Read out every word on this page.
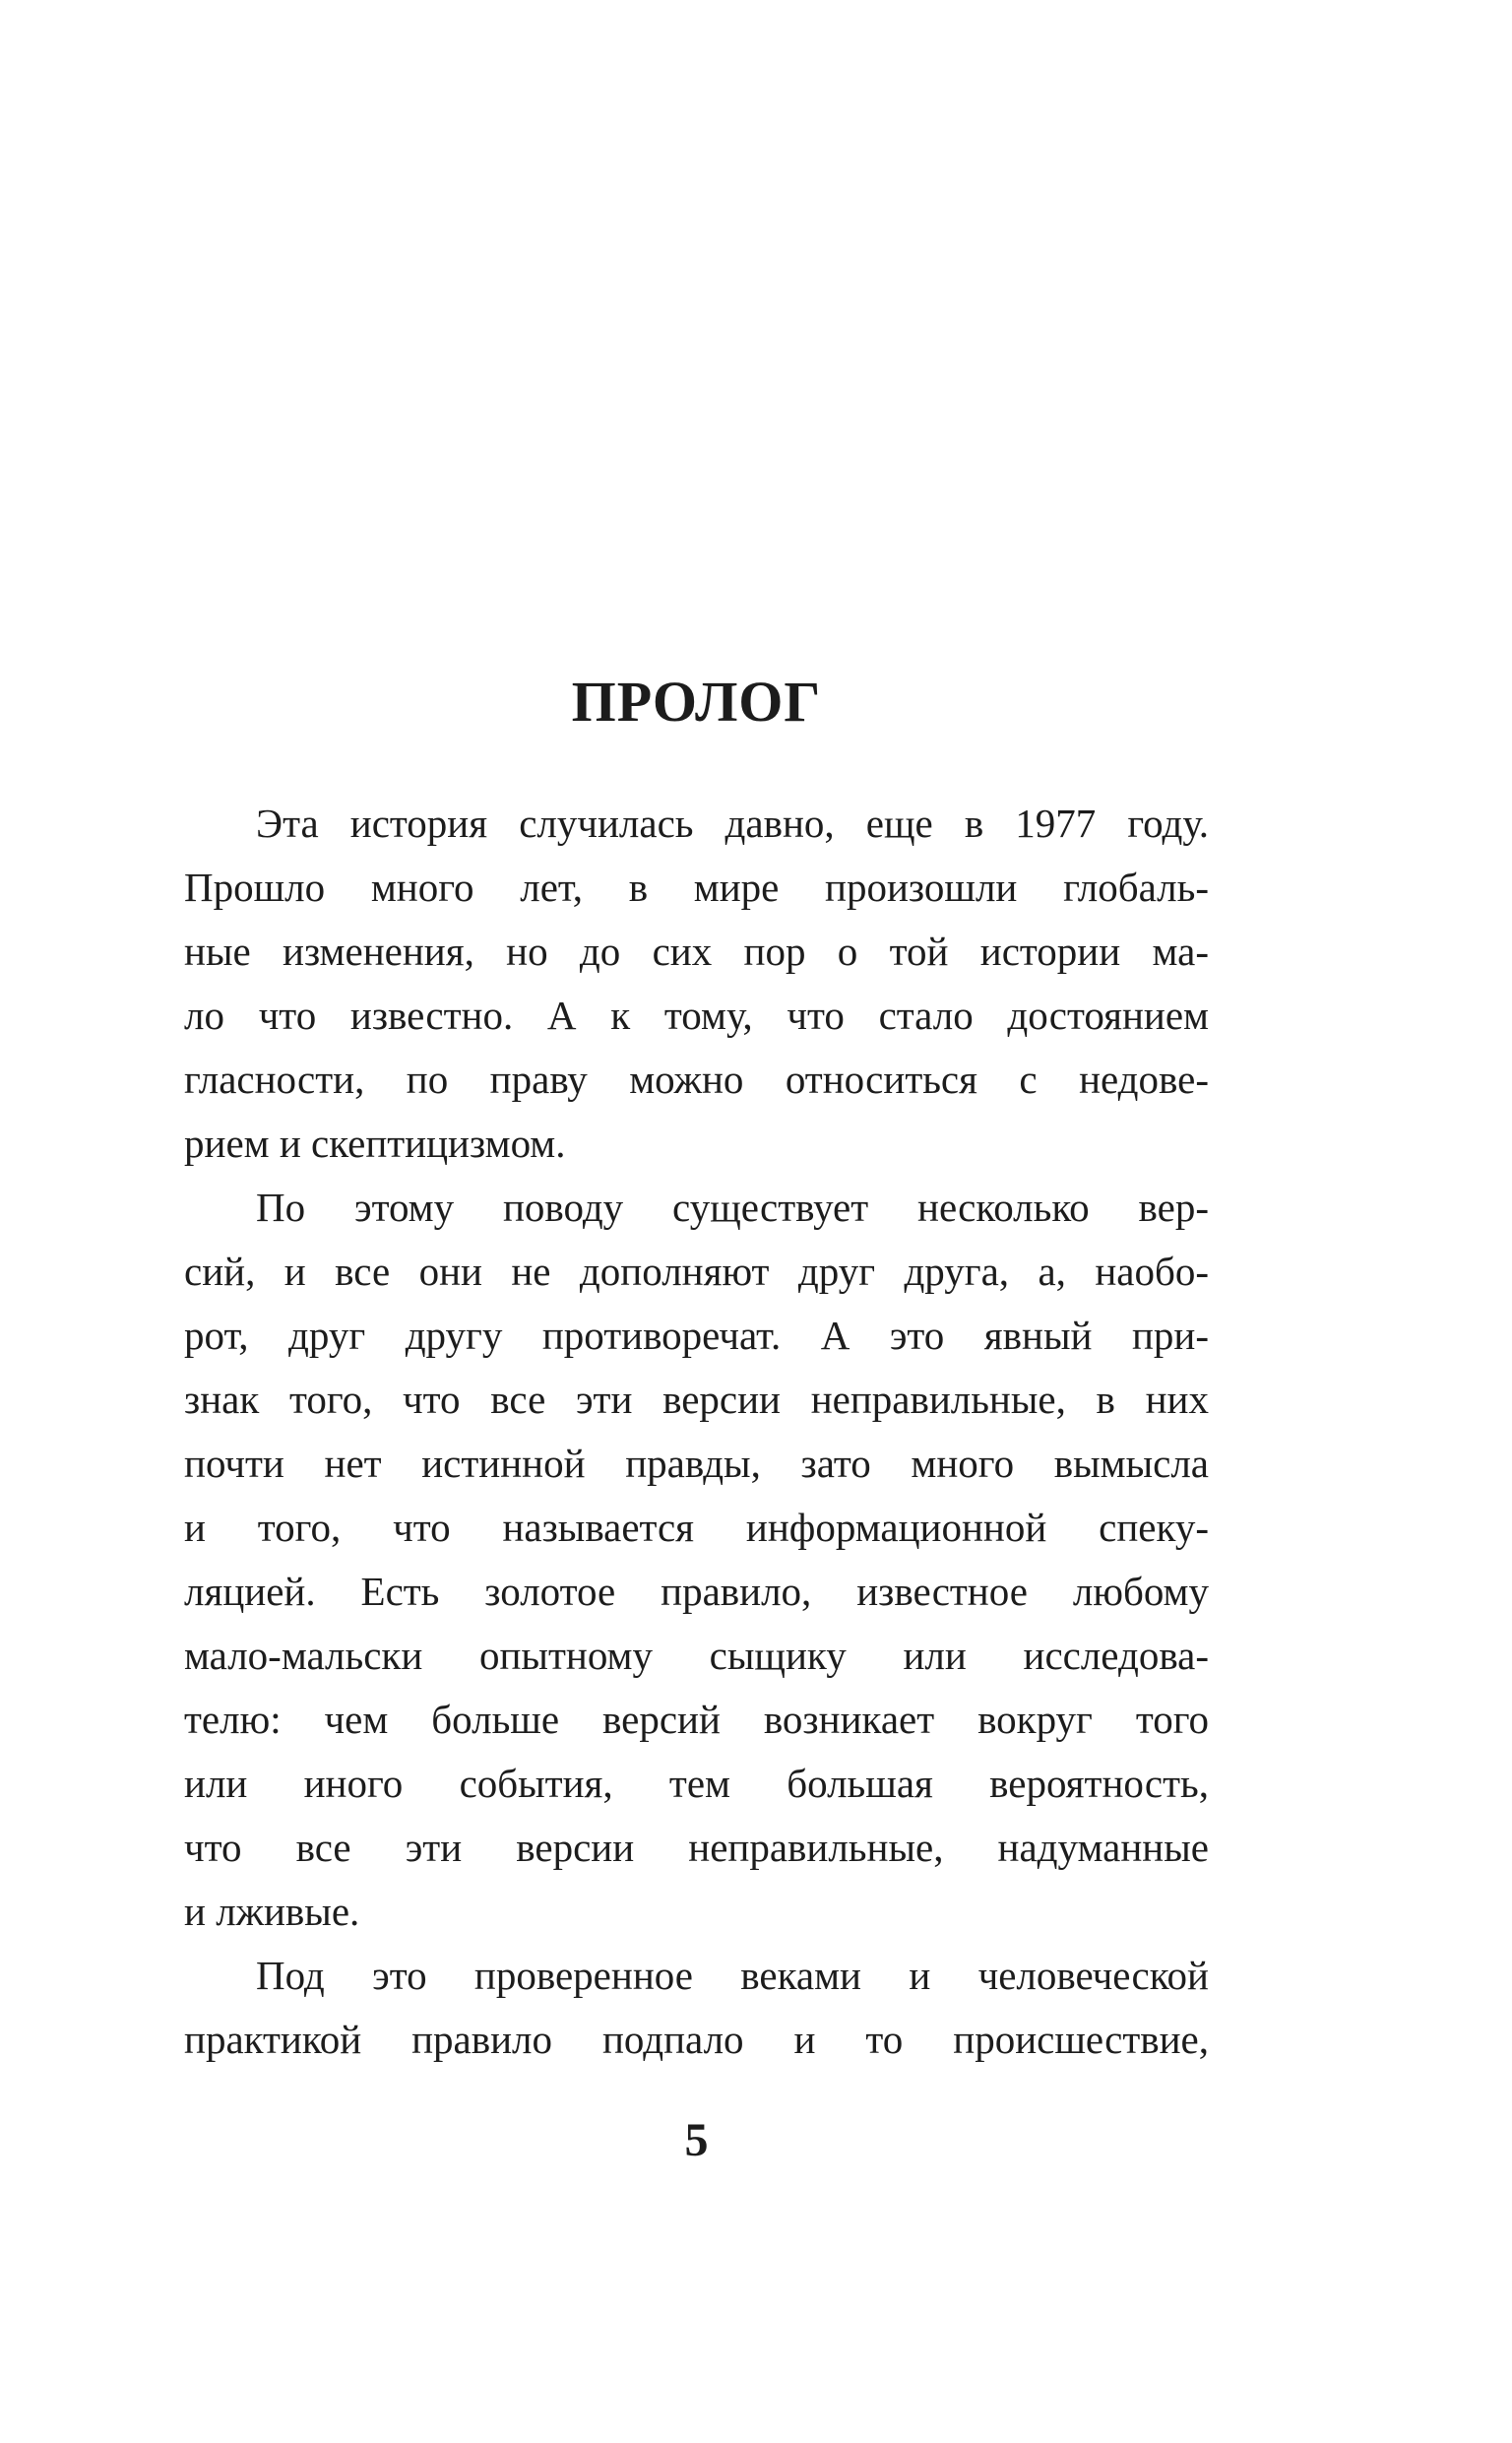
ПРОЛОГ
Эта история случилась давно, еще в 1977 году.
Прошло много лет, в мире произошли глобаль-
ные изменения, но до сих пор о той истории ма-
ло что известно. А к тому, что стало достоянием
гласности, по праву можно относиться с недове-
рием и скептицизмом.
По этому поводу существует несколько вер-
сий, и все они не дополняют друг друга, а, наобо-
рот, друг другу противоречат. А это явный при-
знак того, что все эти версии неправильные, в них
почти нет истинной правды, зато много вымысла
и того, что называется информационной спеку-
ляцией. Есть золотое правило, известное любому
мало-мальски опытному сыщику или исследова-
телю: чем больше версий возникает вокруг того
или иного события, тем большая вероятность,
что все эти версии неправильные, надуманные
и лживые.
Под это проверенное веками и человеческой
практикой правило подпало и то происшествие,
5
